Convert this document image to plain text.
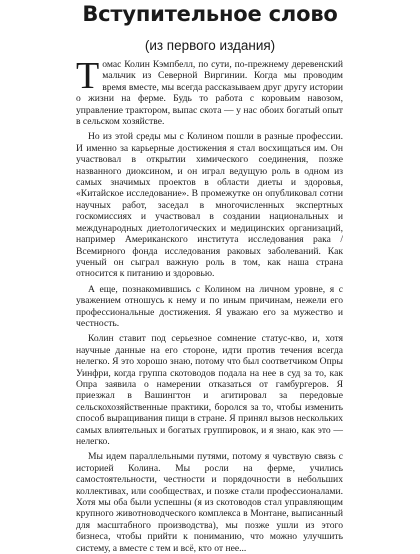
Вступительное слово
(из первого издания)

Томас Колин Кэмпбелл, по сути, по-прежнему деревенский мальчик из Северной Виргинии. Когда мы проводим время вместе, мы всегда рассказываем друг другу истории о жизни на ферме. Будь то работа с коровьим навозом, управление трактором, выпас скота — у нас обоих богатый опыт в сельском хозяйстве.

Но из этой среды мы с Колином пошли в разные профессии. И именно за карьерные достижения я стал восхищаться им. Он участвовал в открытии химического соединения, позже названного диоксином, и он играл ведущую роль в одном из самых значимых проектов в области диеты и здоровья, «Китайское исследование». В промежутке он опубликовал сотни научных работ, заседал в многочисленных экспертных госкомиссиях и участвовал в создании национальных и международных диетологических и медицинских организаций, например Американского института исследования рака / Всемирного фонда исследования раковых заболеваний. Как ученый он сыграл важную роль в том, как наша страна относится к питанию и здоровью.

А еще, познакомившись с Колином на личном уровне, я с уважением отношусь к нему и по иным причинам, нежели его профессиональные достижения. Я уважаю его за мужество и честность.

Колин ставит под серьезное сомнение статус-кво, и, хотя научные данные на его стороне, идти против течения всегда нелегко. Я это хорошо знаю, потому что был соответчиком Опры Уинфри, когда группа скотоводов подала на нее в суд за то, как Опра заявила о намерении отказаться от гамбургеров. Я приезжал в Вашингтон и агитировал за передовые сельскохозяйственные практики, боролся за то, чтобы изменить способ выращивания пищи в стране. Я принял вызов нескольких самых влиятельных и богатых группировок, и я знаю, как это — нелегко.

Мы идем параллельными путями, потому я чувствую связь с историей Колина. Мы росли на ферме, учились самостоятельности, честности и порядочности в небольших коллективах, или сообществах, и позже стали профессионалами. Хотя мы оба были успешны (я из скотоводов стал управляющим крупного животноводческого комплекса в Монтане, выписанный для масштабного производства), мы позже ушли из этого бизнеса, чтобы прийти к пониманию, что можно улучшить систему, а вместе с тем и всё, кто от нее...
